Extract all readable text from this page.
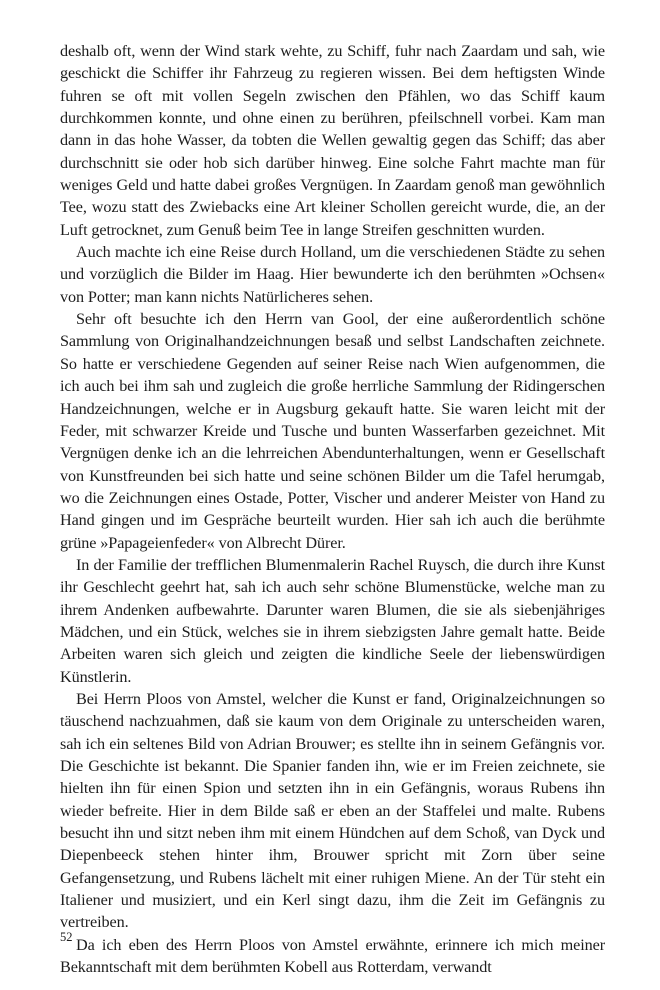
deshalb oft, wenn der Wind stark wehte, zu Schiff, fuhr nach Zaardam und sah, wie geschickt die Schiffer ihr Fahrzeug zu regieren wissen. Bei dem heftigsten Winde fuhren se oft mit vollen Segeln zwischen den Pfählen, wo das Schiff kaum durchkommen konnte, und ohne einen zu berühren, pfeilschnell vorbei. Kam man dann in das hohe Wasser, da tobten die Wellen gewaltig gegen das Schiff; das aber durchschnitt sie oder hob sich darüber hinweg. Eine solche Fahrt machte man für weniges Geld und hatte dabei großes Vergnügen. In Zaardam genoß man gewöhnlich Tee, wozu statt des Zwiebacks eine Art kleiner Schollen gereicht wurde, die, an der Luft getrocknet, zum Genuß beim Tee in lange Streifen geschnitten wurden.

Auch machte ich eine Reise durch Holland, um die verschiedenen Städte zu sehen und vorzüglich die Bilder im Haag. Hier bewunderte ich den berühmten »Ochsen« von Potter; man kann nichts Natürlicheres sehen.

Sehr oft besuchte ich den Herrn van Gool, der eine außerordentlich schöne Sammlung von Originalhandzeichnungen besaß und selbst Landschaften zeichnete. So hatte er verschiedene Gegenden auf seiner Reise nach Wien aufgenommen, die ich auch bei ihm sah und zugleich die große herrliche Sammlung der Ridingerschen Handzeichnungen, welche er in Augsburg gekauft hatte. Sie waren leicht mit der Feder, mit schwarzer Kreide und Tusche und bunten Wasserfarben gezeichnet. Mit Vergnügen denke ich an die lehrreichen Abendunterhaltungen, wenn er Gesellschaft von Kunstfreunden bei sich hatte und seine schönen Bilder um die Tafel herumgab, wo die Zeichnungen eines Ostade, Potter, Vischer und anderer Meister von Hand zu Hand gingen und im Gespräche beurteilt wurden. Hier sah ich auch die berühmte grüne »Papageienfeder« von Albrecht Dürer.

In der Familie der trefflichen Blumenmalerin Rachel Ruysch, die durch ihre Kunst ihr Geschlecht geehrt hat, sah ich auch sehr schöne Blumenstücke, welche man zu ihrem Andenken aufbewahrte. Darunter waren Blumen, die sie als siebenjähriges Mädchen, und ein Stück, welches sie in ihrem siebzigsten Jahre gemalt hatte. Beide Arbeiten waren sich gleich und zeigten die kindliche Seele der liebenswürdigen Künstlerin.

Bei Herrn Ploos von Amstel, welcher die Kunst er fand, Originalzeichnungen so täuschend nachzuahmen, daß sie kaum von dem Originale zu unterscheiden waren, sah ich ein seltenes Bild von Adrian Brouwer; es stellte ihn in seinem Gefängnis vor. Die Geschichte ist bekannt. Die Spanier fanden ihn, wie er im Freien zeichnete, sie hielten ihn für einen Spion und setzten ihn in ein Gefängnis, woraus Rubens ihn wieder befreite. Hier in dem Bilde saß er eben an der Staffelei und malte. Rubens besucht ihn und sitzt neben ihm mit einem Hündchen auf dem Schoß, van Dyck und Diepenbeeck stehen hinter ihm, Brouwer spricht mit Zorn über seine Gefangensetzung, und Rubens lächelt mit einer ruhigen Miene. An der Tür steht ein Italiener und musiziert, und ein Kerl singt dazu, ihm die Zeit im Gefängnis zu vertreiben.

Da ich eben des Herrn Ploos von Amstel erwähnte, erinnere ich mich meiner Bekanntschaft mit dem berühmten Kobell aus Rotterdam, verwandt

52
